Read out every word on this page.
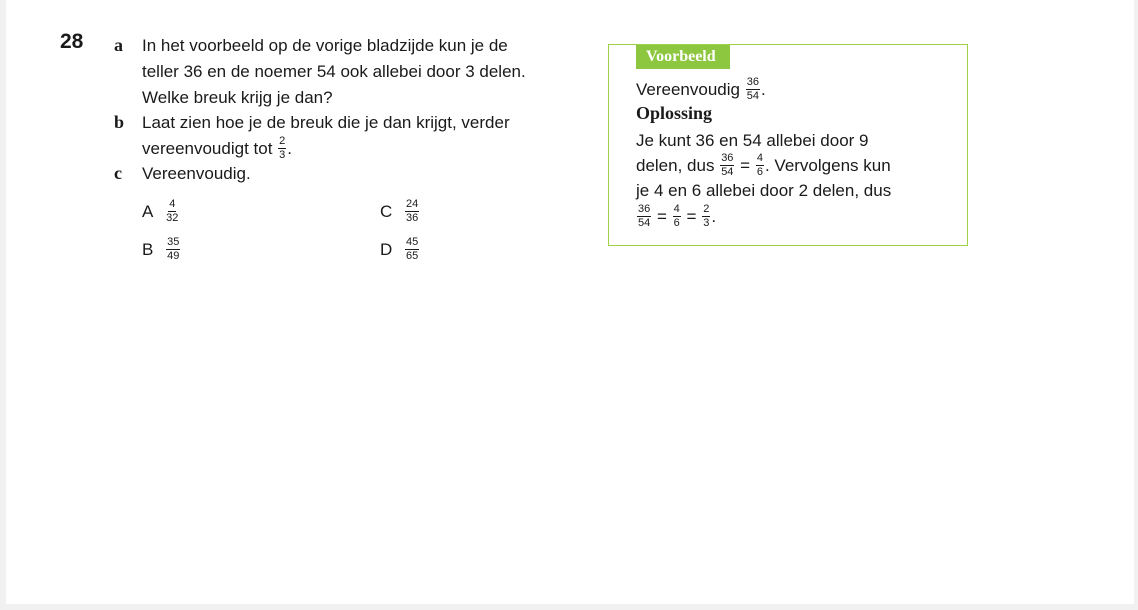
28 a In het voorbeeld op de vorige bladzijde kun je de
teller 36 en de noemer 54 ook allebei door 3 delen.
Welke breuk krijg je dan?
b Laat zien hoe je de breuk die je dan krijgt, verder
vereenvoudigt tot $\frac{2}{3}$ .
c Vereenvoudig.
A $\frac{4}{32}$	C $\frac{24}{36}$
B $\frac{35}{49}$	D $\frac{45}{65}$
Voorbeeld
Vereenvoudig $\frac{36}{54}$ .
Oplossing
Je kunt 36 en 54 allebei door 9
delen, dus $\frac{36}{54} = \frac{4}{6}$ . Vervolgens kun
je 4 en 6 allebei door 2 delen, dus
$\frac{36}{54} = \frac{4}{6} = \frac{2}{3}$ .
